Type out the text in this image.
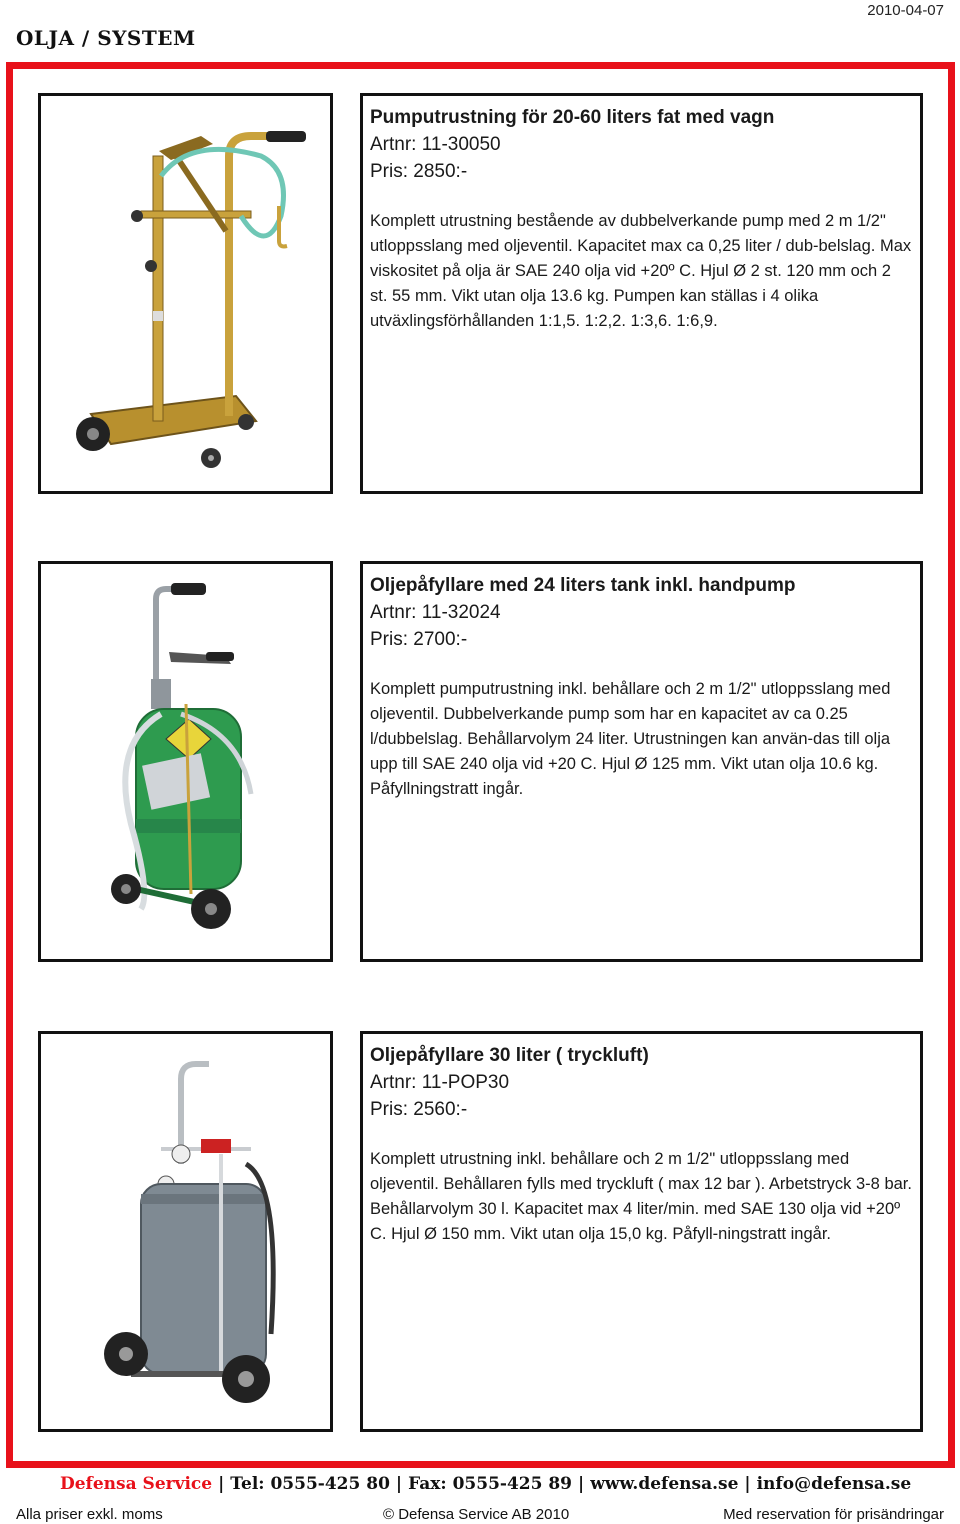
2010-04-07
OLJA / SYSTEM
Pumputrustning för 20-60 liters fat med vagn
Artnr: 11-30050
Pris: 2850:-
Komplett utrustning bestående av dubbelverkande pump med 2 m 1/2" utloppsslang med oljeventil. Kapacitet max ca 0,25 liter / dub-belslag. Max viskositet på olja är SAE 240 olja vid +20º C. Hjul Ø 2 st. 120 mm och 2 st. 55 mm. Vikt utan olja 13.6 kg. Pumpen kan ställas i 4 olika utväxlingsförhållanden 1:1,5. 1:2,2. 1:3,6. 1:6,9.
Oljepåfyllare med 24 liters tank inkl. handpump
Artnr: 11-32024
Pris: 2700:-
Komplett pumputrustning inkl. behållare och 2 m 1/2" utloppsslang med oljeventil. Dubbelverkande pump som har en kapacitet av ca 0.25 l/dubbelslag. Behållarvolym 24 liter. Utrustningen kan använ-das till olja upp till SAE 240 olja vid +20 C. Hjul Ø 125 mm. Vikt utan olja 10.6 kg. Påfyllningstratt ingår.
Oljepåfyllare 30 liter ( tryckluft)
Artnr: 11-POP30
Pris: 2560:-
Komplett utrustning inkl. behållare och 2 m 1/2" utloppsslang med oljeventil. Behållaren fylls med tryckluft ( max 12 bar ). Arbetstryck 3-8 bar. Behållarvolym 30 l. Kapacitet max 4 liter/min. med SAE 130 olja vid +20º C. Hjul Ø 150 mm. Vikt utan olja 15,0 kg. Påfyll-ningstratt ingår.
Defensa Service | Tel: 0555-425 80 | Fax: 0555-425 89 | www.defensa.se | info@defensa.se
Alla priser exkl. moms	© Defensa Service AB 2010	Med reservation för prisändringar
